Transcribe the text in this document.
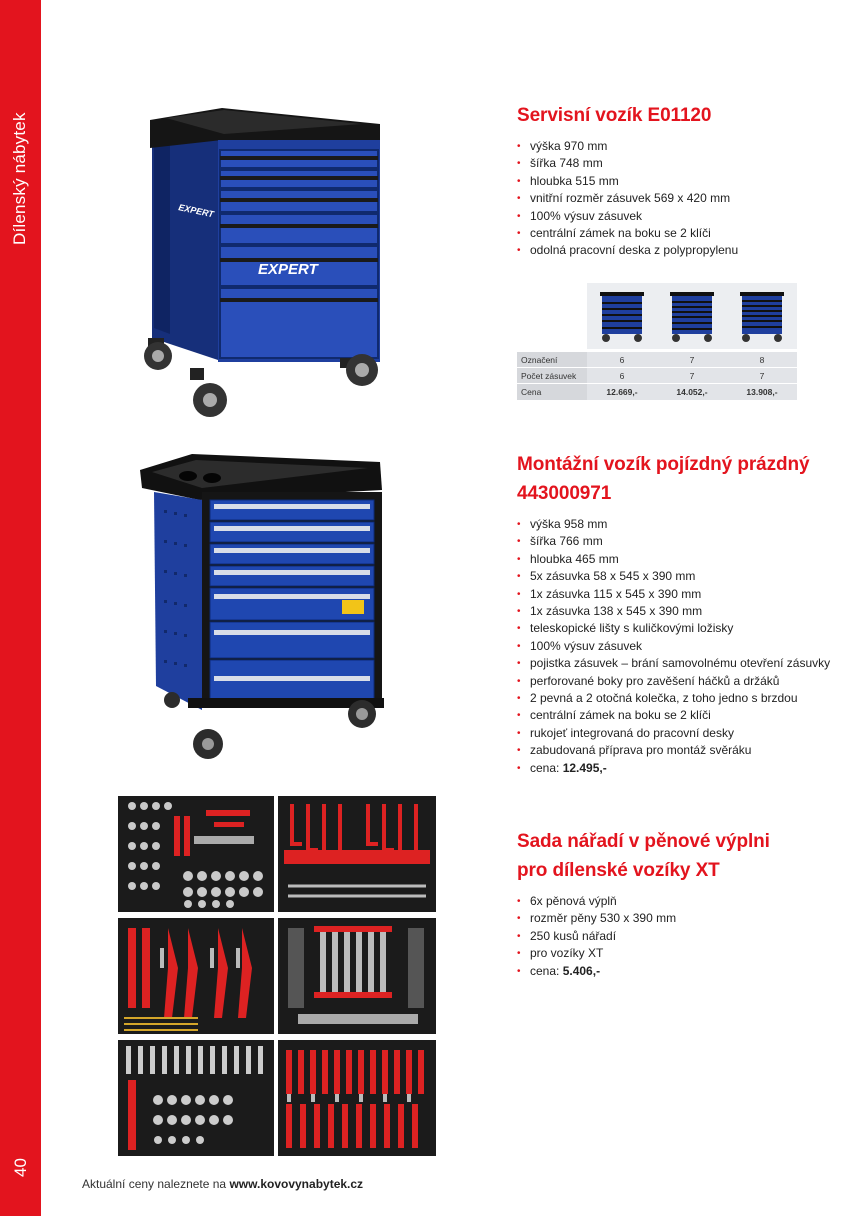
Dílenský nábytek
40
EXPERT
EXPERT
Servisní vozík E01120
• výška 970 mm
• šířka 748 mm
• hloubka 515 mm
• vnitřní rozměr zásuvek 569 x 420 mm
• 100% výsuv zásuvek
• centrální zámek na boku se 2 klíči
• odolná pracovní deska z polypropylenu
Označení	6	7	8
Počet zásuvek	6	7	7
Cena	12.669,-	14.052,-	13.908,-
Montážní vozík pojízdný prázdný
443000971
• výška 958 mm
• šířka 766 mm
• hloubka 465 mm
• 5x zásuvka 58 x 545 x 390 mm
• 1x zásuvka 115 x 545 x 390 mm
• 1x zásuvka 138 x 545 x 390 mm
• teleskopické lišty s kuličkovými ložisky
• 100% výsuv zásuvek
• pojistka zásuvek – brání samovolnému otevření zásuvky
• perforované boky pro zavěšení háčků a držáků
• 2 pevná a 2 otočná kolečka, z toho jedno s brzdou
• centrální zámek na boku se 2 klíči
• rukojeť integrovaná do pracovní desky
• zabudovaná příprava pro montáž svěráku
• cena: 12.495,-
Sada nářadí v pěnové výplni
pro dílenské vozíky XT
• 6x pěnová výplň
• rozměr pěny 530 x 390 mm
• 250 kusů nářadí
• pro vozíky XT
• cena: 5.406,-
Aktuální ceny naleznete na www.kovovynabytek.cz
